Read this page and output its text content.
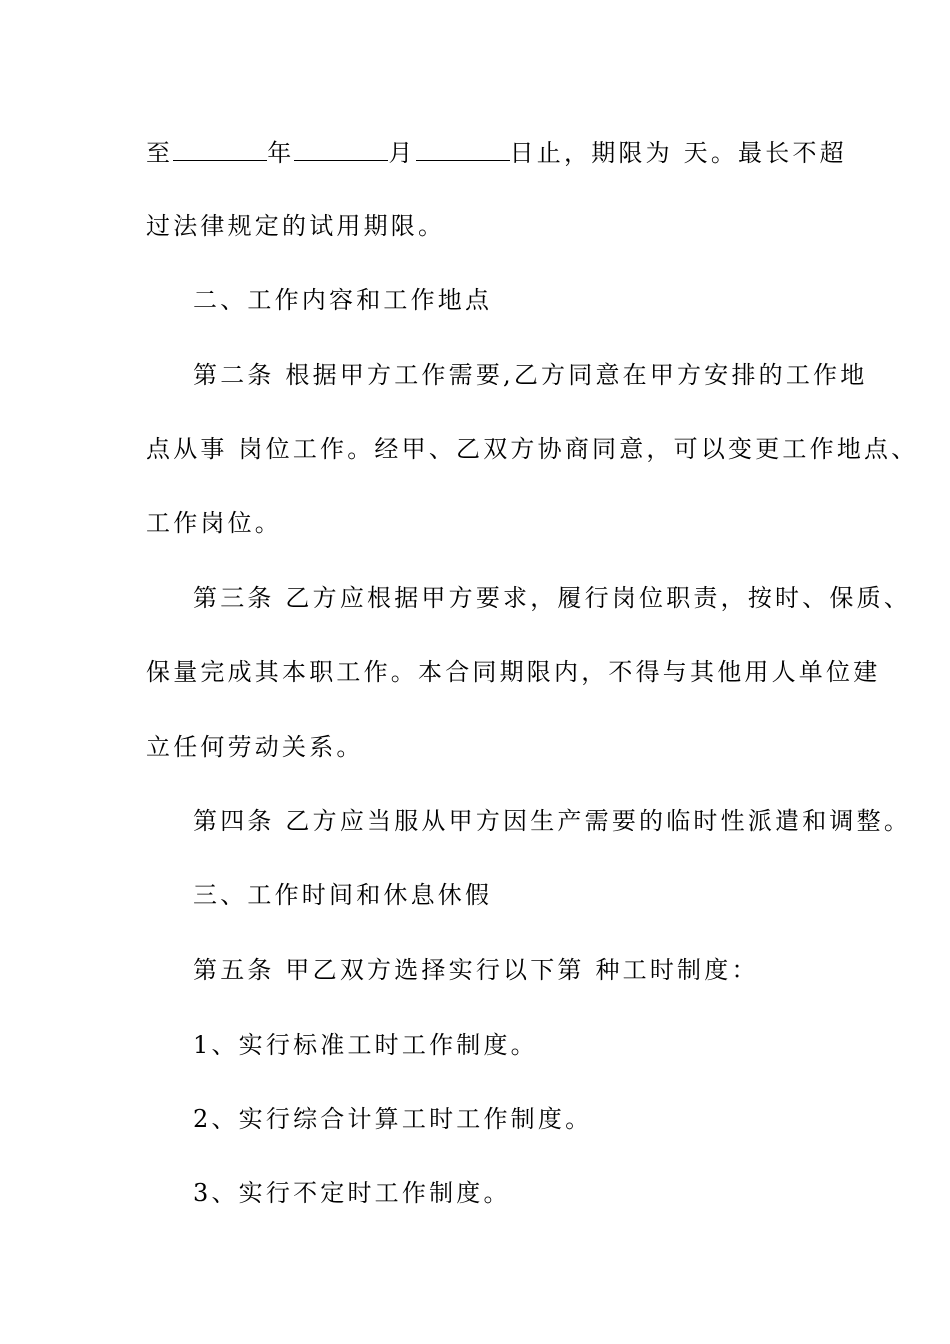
至	年	月	日止，期限为 天。最长不超
过法律规定的试用期限。
二、工作内容和工作地点
第二条 根据甲方工作需要,乙方同意在甲方安排的工作地
点从事 岗位工作。经甲、乙双方协商同意，可以变更工作地点、
工作岗位。
第三条 乙方应根据甲方要求，履行岗位职责，按时、保质、
保量完成其本职工作。本合同期限内，不得与其他用人单位建
立任何劳动关系。
第四条 乙方应当服从甲方因生产需要的临时性派遣和调整。
三、工作时间和休息休假
第五条 甲乙双方选择实行以下第 种工时制度：
1、实行标准工时工作制度。
2、实行综合计算工时工作制度。
3、实行不定时工作制度。
